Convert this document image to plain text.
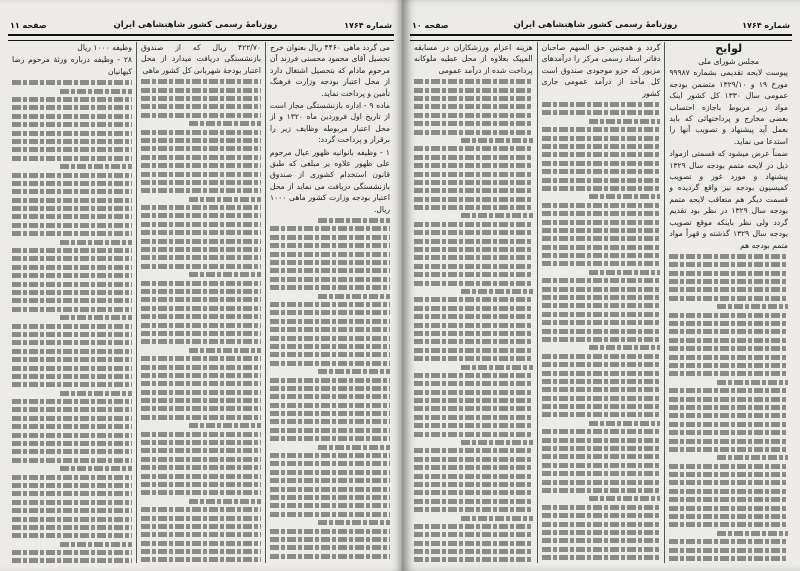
شماره ۱۷۶۴
روزنامهٔ رسمی کشور شاهنشاهی ایران
صفحه ۱۱

می گردد ماهی ۴۴۶۰ ریال بعنوان خرج تحصیل آقای محمود محسنی فرزند آن مرحوم مادام که بتحصیل اشتغال دارد از محل اعتبار بودجه وزارت فرهنگ تأمین و پرداخت نماید.

ماده ۹ - اداره بازنشستگی مجاز است از تاریخ اول فروردین ماه ۱۳۲۰ و از محل اعتبار مربوطه وظایف زیر را برقرار و پرداخت گردد:

۱ - وظیفه بانوانیه ظهور عیال مرحوم علی ظهور علاوه بر مبلغی که طبق قانون استخدام کشوری از صندوق بازنشستگی دریافت می نماید از محل اعتبار بودجه وزارت کشور ماهی ۱۰۰۰ ریال.

۴۲۲/۷۰ ریال که از صندوق بازنشستگی دریافت میدارد از محل اعتبار بودجهٔ شهربانی کل کشور ماهی

وظیفه ۱۰۰۰ ریال

۲۸ - وظیفه درباره ورثهٔ مرحوم رضا کیهانیان

شماره ۱۷۶۴
روزنامهٔ رسمی کشور شاهنشاهی ایران
صفحه ۱۰
لوایح

مجلس شورای ملی

پیوست لایحه تقدیمی بشماره ۹۹۹۸۷ مورخ ۱۹ و ۱۳۲۹/۱۰ متضمن بودجه عمومی سال ۱۳۳۰ کل کشور اینک مواد زیر مربوط باجازه احتساب بعضی مخارج و پرداختهائی که باید بعمل آید پیشنهاد و تصویب آنها را استدعا می نماید.

ضمناً عرض میشود که قسمتی ازمواد ذیل در لایحه متمم بودجه سال ۱۳۲۹ پیشنهاد و مورد غور و تصویب کمیسیون بودجه نیز واقع گردیده و قسمت دیگر هم متعاقب لایحه متمم بودجه سال ۱۳۲۹ در نظر بود تقدیم گردد ولی نظر باینکه موقع تصویب بودجه سال ۱۳۲۹ گذشته و قهراً مواد متمم بودجه هم

گردد و همچنین حق السهم صاحبان دفاتر اسناد رسمی مرکز را درآمدهای مزبور که جزو موجودی صندوق است کل مأخذ از درآمد عمومی جاری کشور

هزینه اعزام ورزشکاران در مسابقه المپیک بعلاوه از محل عطیه ملوکانه پرداخت شده از درآمد عمومی
